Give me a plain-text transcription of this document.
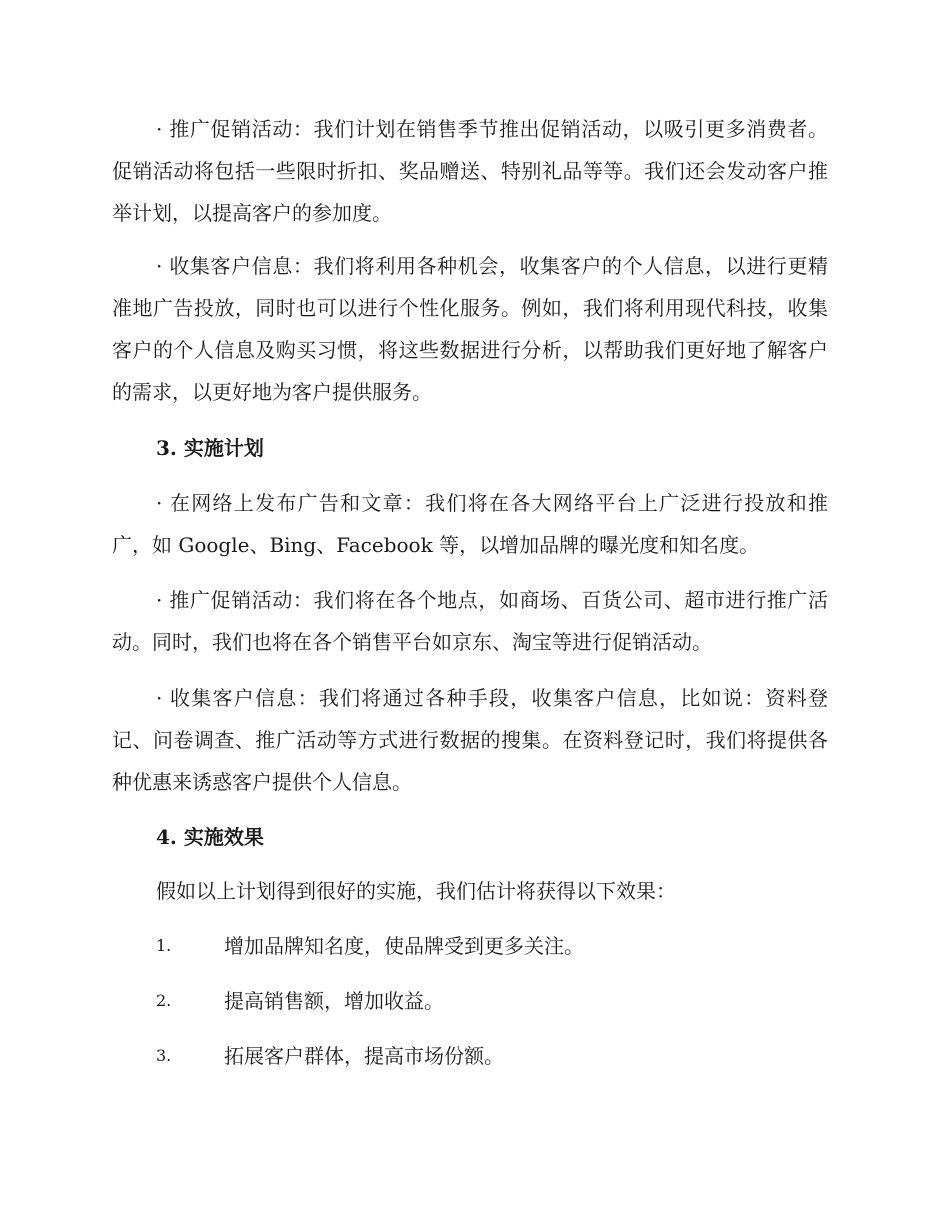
· 推广促销活动：我们计划在销售季节推出促销活动，以吸引更多消费者。促销活动将包括一些限时折扣、奖品赠送、特别礼品等等。我们还会发动客户推举计划，以提高客户的参加度。

· 收集客户信息：我们将利用各种机会，收集客户的个人信息，以进行更精准地广告投放，同时也可以进行个性化服务。例如，我们将利用现代科技，收集客户的个人信息及购买习惯，将这些数据进行分析，以帮助我们更好地了解客户的需求，以更好地为客户提供服务。

3. 实施计划

· 在网络上发布广告和文章：我们将在各大网络平台上广泛进行投放和推广，如 Google、Bing、Facebook 等，以增加品牌的曝光度和知名度。

· 推广促销活动：我们将在各个地点，如商场、百货公司、超市进行推广活动。同时，我们也将在各个销售平台如京东、淘宝等进行促销活动。

· 收集客户信息：我们将通过各种手段，收集客户信息，比如说：资料登记、问卷调查、推广活动等方式进行数据的搜集。在资料登记时，我们将提供各种优惠来诱惑客户提供个人信息。

4. 实施效果

假如以上计划得到很好的实施，我们估计将获得以下效果：

1.	增加品牌知名度，使品牌受到更多关注。
2.	提高销售额，增加收益。
3.	拓展客户群体，提高市场份额。
